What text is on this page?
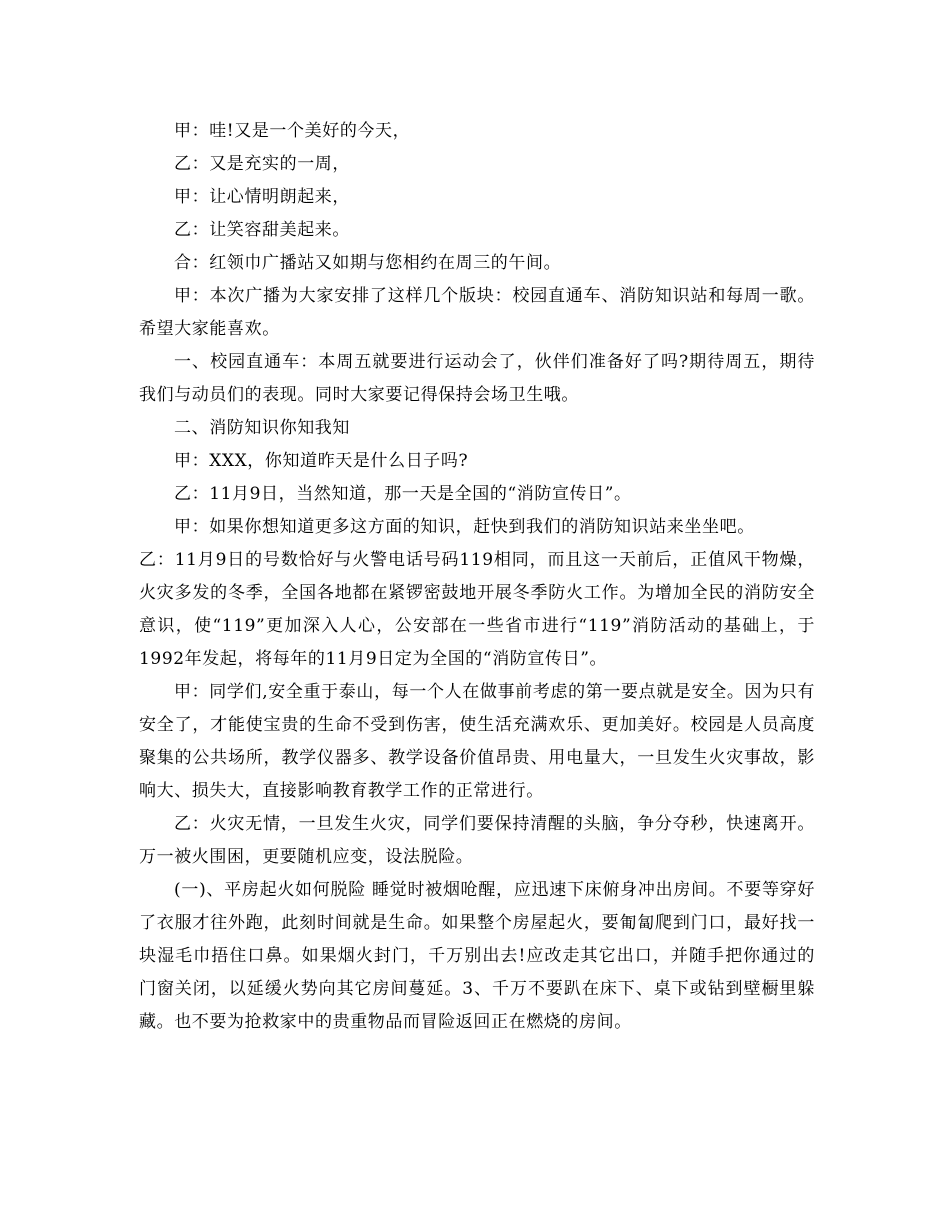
甲：哇!又是一个美好的今天，

乙：又是充实的一周，

甲：让心情明朗起来，

乙：让笑容甜美起来。

合：红领巾广播站又如期与您相约在周三的午间。

甲：本次广播为大家安排了这样几个版块：校园直通车、消防知识站和每周一歌。希望大家能喜欢。

一、校园直通车：本周五就要进行运动会了，伙伴们准备好了吗?期待周五，期待我们与动员们的表现。同时大家要记得保持会场卫生哦。

二、消防知识你知我知

甲：XXX，你知道昨天是什么日子吗?

乙：11月9日，当然知道，那一天是全国的“消防宣传日”。

甲：如果你想知道更多这方面的知识，赶快到我们的消防知识站来坐坐吧。

乙：11月9日的号数恰好与火警电话号码119相同，而且这一天前后，正值风干物燥，火灾多发的冬季，全国各地都在紧锣密鼓地开展冬季防火工作。为增加全民的消防安全意识，使“119”更加深入人心，公安部在一些省市进行“119”消防活动的基础上，于1992年发起，将每年的11月9日定为全国的“消防宣传日”。

甲：同学们,安全重于泰山，每一个人在做事前考虑的第一要点就是安全。因为只有安全了，才能使宝贵的生命不受到伤害，使生活充满欢乐、更加美好。校园是人员高度聚集的公共场所，教学仪器多、教学设备价值昂贵、用电量大，一旦发生火灾事故，影响大、损失大，直接影响教育教学工作的正常进行。

乙：火灾无情，一旦发生火灾，同学们要保持清醒的头脑，争分夺秒，快速离开。万一被火围困，更要随机应变，设法脱险。

(一)、平房起火如何脱险 睡觉时被烟呛醒，应迅速下床俯身冲出房间。不要等穿好了衣服才往外跑，此刻时间就是生命。如果整个房屋起火，要匍匐爬到门口，最好找一块湿毛巾捂住口鼻。如果烟火封门，千万别出去!应改走其它出口，并随手把你通过的门窗关闭，以延缓火势向其它房间蔓延。3、千万不要趴在床下、桌下或钻到壁橱里躲藏。也不要为抢救家中的贵重物品而冒险返回正在燃烧的房间。
